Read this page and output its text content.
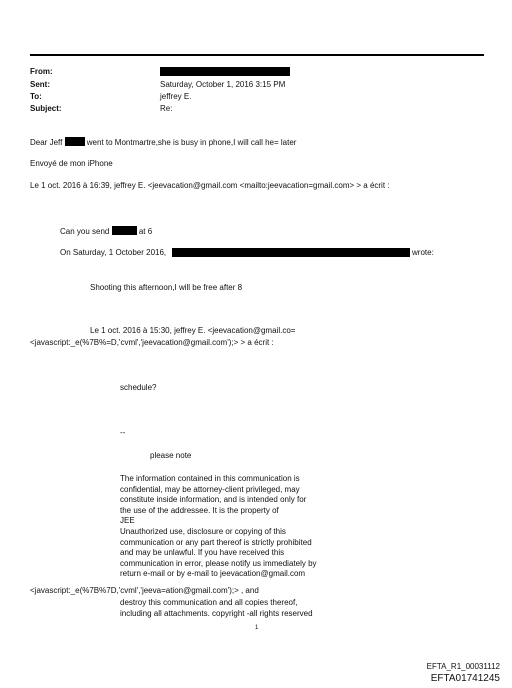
From:
Sent:	Saturday, October 1, 2016 3:15 PM
To:	jeffrey E.
Subject:	Re:
Dear Jeff	went to Montmartre,she is busy in phone,I will call he= later
Envoyé de mon iPhone
Le 1 oct. 2016 à 16:39, jeffrey E. <jeevacation@gmail.com <mailto:jeevacation=gmail.com> > a écrit :
Can you send	at 6
On Saturday, 1 October 2016,	wrote:
Shooting this afternoon,I will be free after 8
Le 1 oct. 2016 à 15:30, jeffrey E. <jeevacation@gmail.co=
<javascript:_e(%7B%=D,'cvml','jeevacation@gmail.com');> > a écrit :
schedule?
--
please note
The information contained in this communication is
confidential, may be attorney-client privileged, may
constitute inside information, and is intended only for
the use of the addressee. It is the property of
JEE
Unauthorized use, disclosure or copying of this
communication or any part thereof is strictly prohibited
and may be unlawful. If you have received this
communication in error, please notify us immediately by
return e-mail or by e-mail to jeevacation@gmail.com
<javascript:_e(%7B%7D,'cvml','jeeva=ation@gmail.com');> , and
destroy this communication and all copies thereof,
including all attachments. copyright -all rights reserved
1
EFTA_R1_00031112
EFTA01741245
